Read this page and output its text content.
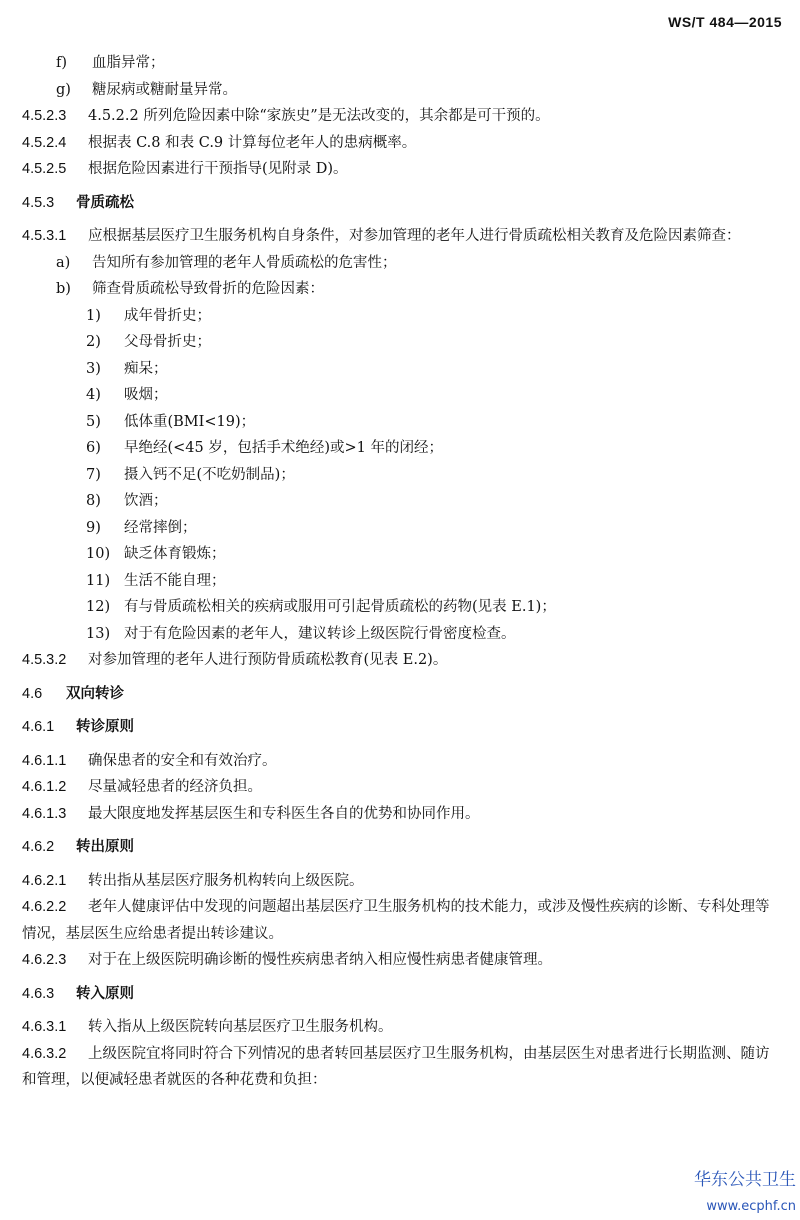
WS/T 484—2015
f) 血脂异常；
g) 糖尿病或糖耐量异常。
4.5.2.3 4.5.2.2 所列危险因素中除“家族史”是无法改变的，其余都是可干预的。
4.5.2.4 根据表 C.8 和表 C.9 计算每位老年人的患病概率。
4.5.2.5 根据危险因素进行干预指导(见附录 D)。
4.5.3 骨质疏松
4.5.3.1 应根据基层医疗卫生服务机构自身条件，对参加管理的老年人进行骨质疏松相关教育及危险因素筛查：
a) 告知所有参加管理的老年人骨质疏松的危害性；
b) 筛查骨质疏松导致骨折的危险因素：
1) 成年骨折史；
2) 父母骨折史；
3) 痴呆；
4) 吸烟；
5) 低体重(BMI<19)；
6) 早绝经(<45 岁，包括手术绝经)或>1 年的闭经；
7) 摄入钙不足(不吃奶制品)；
8) 饮酒；
9) 经常摔倒；
10) 缺乏体育锻炼；
11) 生活不能自理；
12) 有与骨质疏松相关的疾病或服用可引起骨质疏松的药物(见表 E.1)；
13) 对于有危险因素的老年人，建议转诊上级医院行骨密度检查。
4.5.3.2 对参加管理的老年人进行预防骨质疏松教育(见表 E.2)。
4.6 双向转诊
4.6.1 转诊原则
4.6.1.1 确保患者的安全和有效治疗。
4.6.1.2 尽量减轻患者的经济负担。
4.6.1.3 最大限度地发挥基层医生和专科医生各自的优势和协同作用。
4.6.2 转出原则
4.6.2.1 转出指从基层医疗服务机构转向上级医院。
4.6.2.2 老年人健康评估中发现的问题超出基层医疗卫生服务机构的技术能力，或涉及慢性疾病的诊断、专科处理等情况，基层医生应给患者提出转诊建议。
4.6.2.3 对于在上级医院明确诊断的慢性疾病患者纳入相应慢性病患者健康管理。
4.6.3 转入原则
4.6.3.1 转入指从上级医院转向基层医疗卫生服务机构。
4.6.3.2 上级医院宜将同时符合下列情况的患者转回基层医疗卫生服务机构，由基层医生对患者进行长期监测、随访和管理，以便减轻患者就医的各种花费和负担：
华东公共卫生
www.ecphf.cn
